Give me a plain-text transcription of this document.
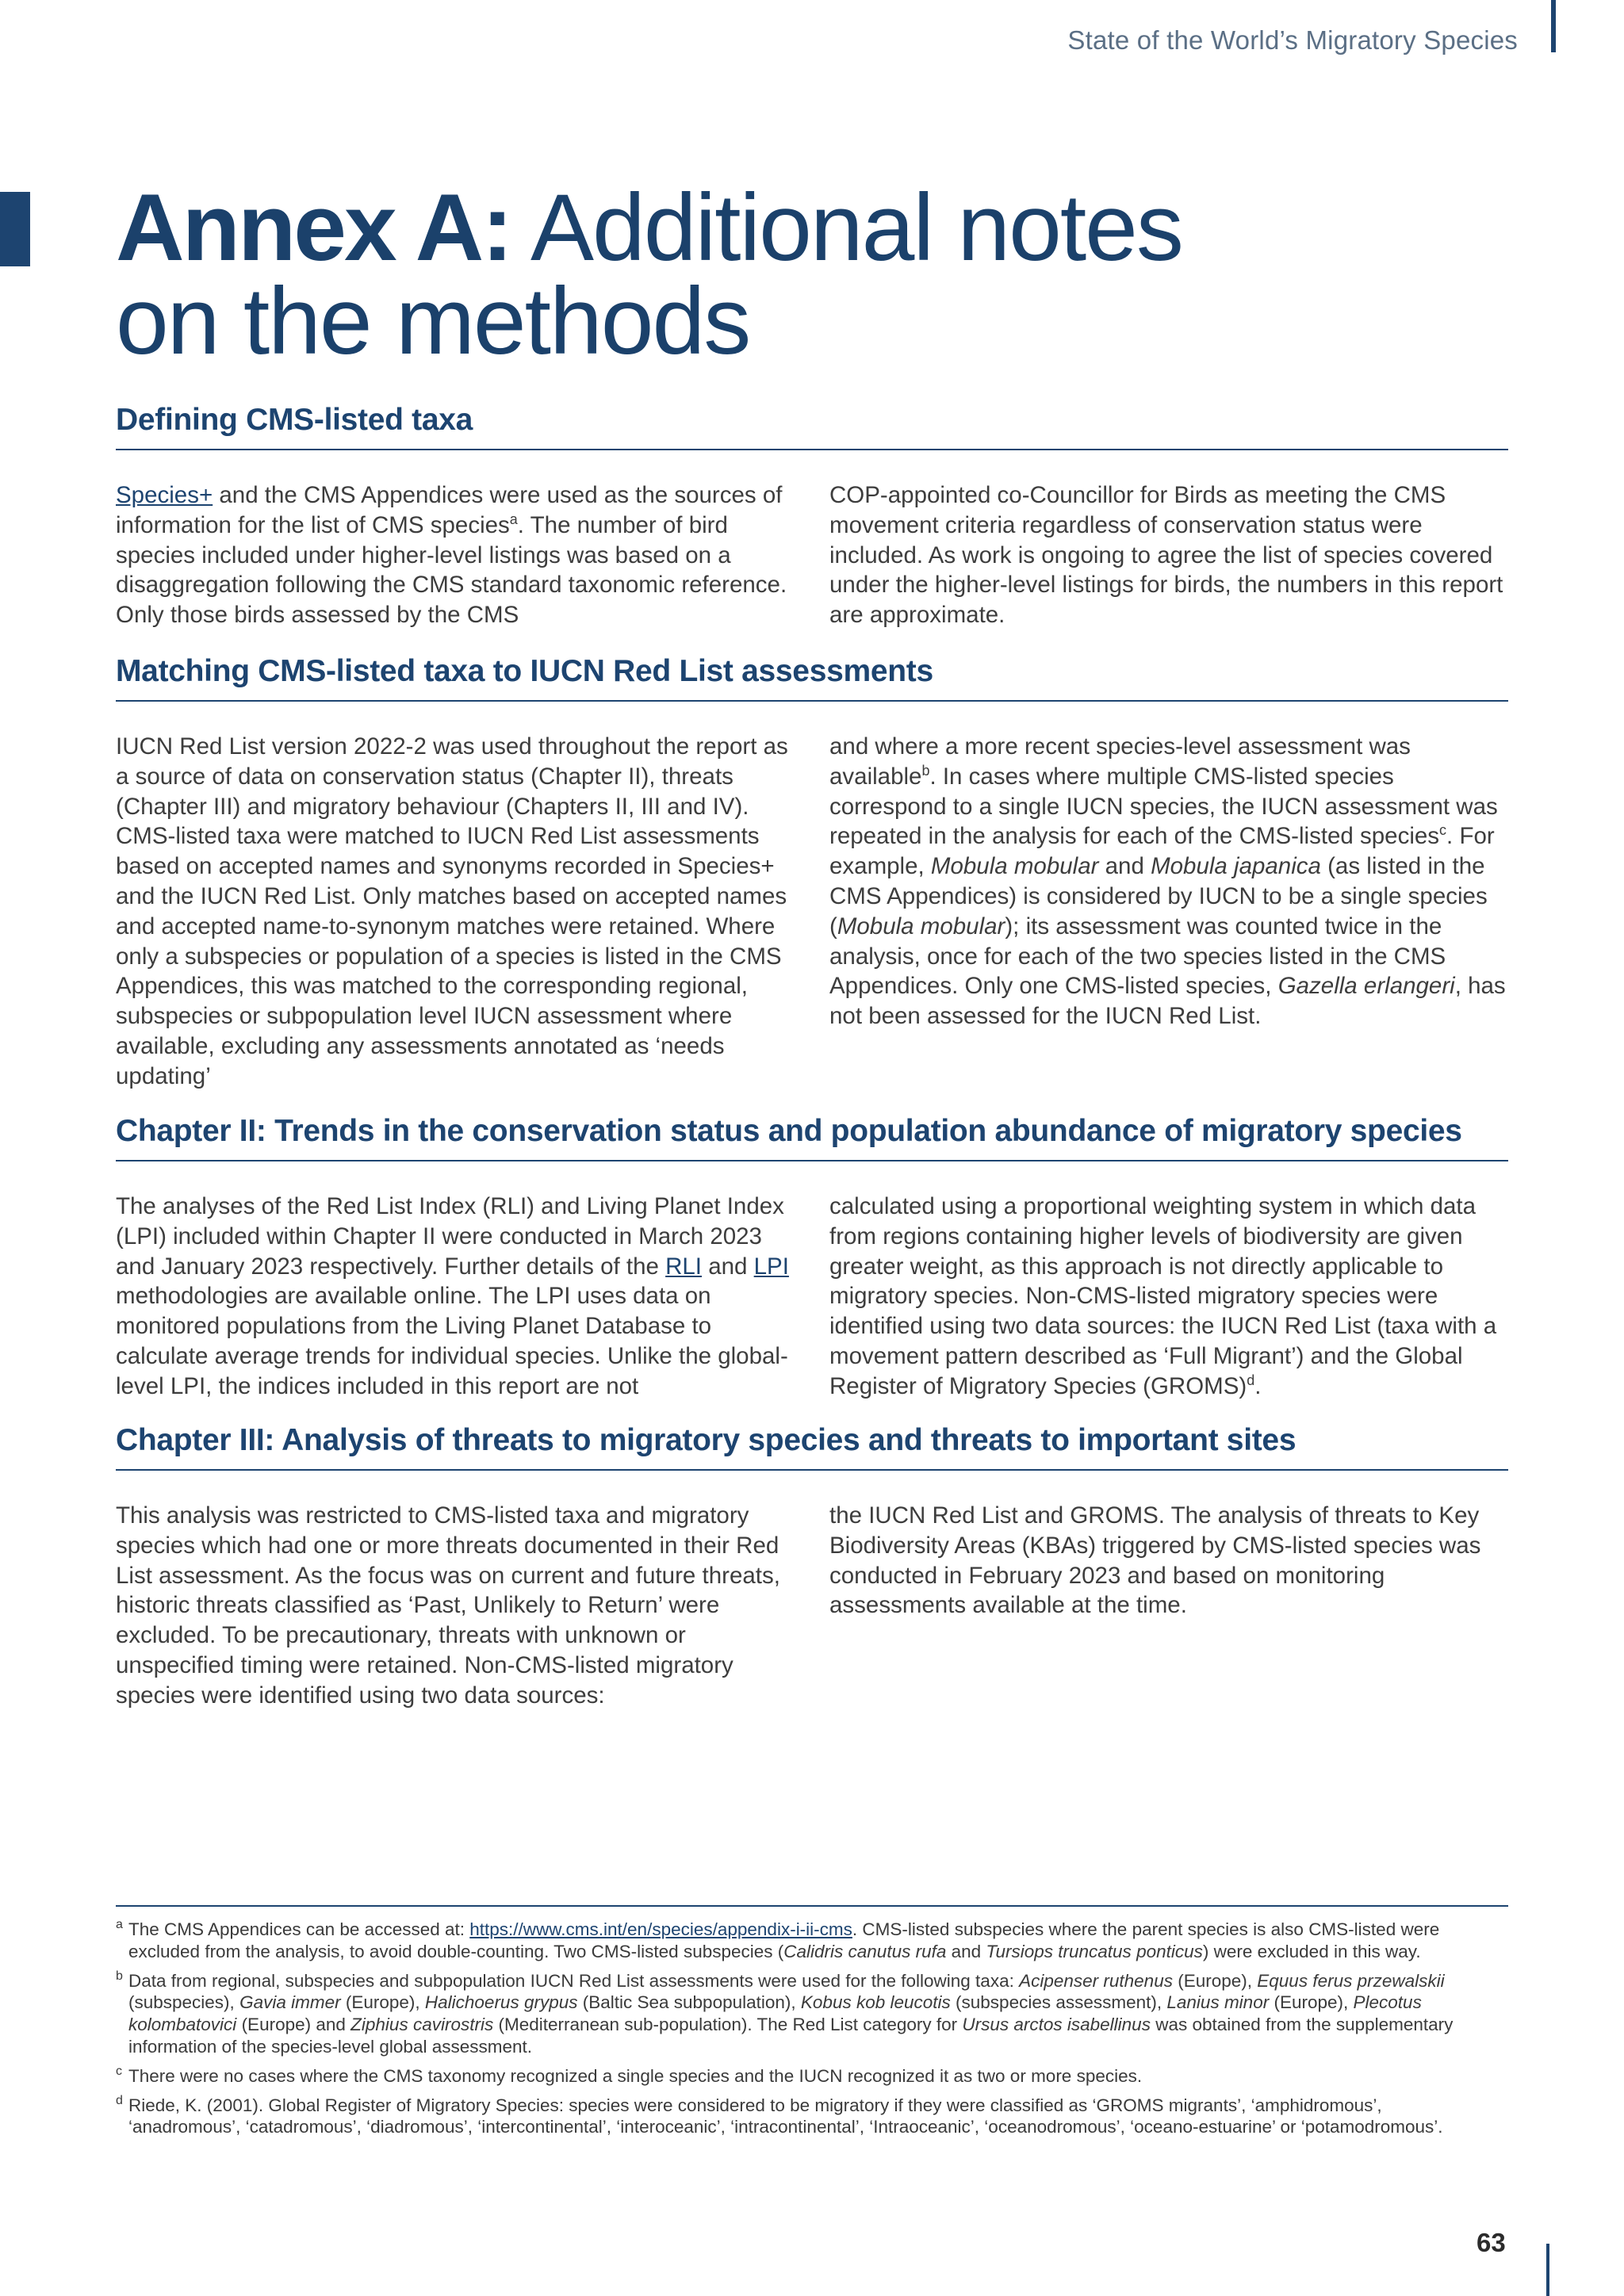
State of the World’s Migratory Species
Annex A: Additional notes
on the methods
Defining CMS-listed taxa

Species+ and the CMS Appendices were used as the sources of information for the list of CMS species$^a$. The number of bird species included under higher-level listings was based on a disaggregation following the CMS standard taxonomic reference. Only those birds assessed by the CMS

COP-appointed co-Councillor for Birds as meeting the CMS movement criteria regardless of conservation status were included. As work is ongoing to agree the list of species covered under the higher-level listings for birds, the numbers in this report are approximate.

Matching CMS-listed taxa to IUCN Red List assessments

IUCN Red List version 2022-2 was used throughout the report as a source of data on conservation status (Chapter II), threats (Chapter III) and migratory behaviour (Chapters II, III and IV). CMS-listed taxa were matched to IUCN Red List assessments based on accepted names and synonyms recorded in Species+ and the IUCN Red List. Only matches based on accepted names and accepted name-to-synonym matches were retained. Where only a subspecies or population of a species is listed in the CMS Appendices, this was matched to the corresponding regional, subspecies or subpopulation level IUCN assessment where available, excluding any assessments annotated as ‘needs updating’

and where a more recent species-level assessment was available$^b$. In cases where multiple CMS-listed species correspond to a single IUCN species, the IUCN assessment was repeated in the analysis for each of the CMS-listed species$^c$. For example, Mobula mobular and Mobula japanica (as listed in the CMS Appendices) is considered by IUCN to be a single species (Mobula mobular); its assessment was counted twice in the analysis, once for each of the two species listed in the CMS Appendices. Only one CMS-listed species, Gazella erlangeri, has not been assessed for the IUCN Red List.

Chapter II: Trends in the conservation status and population abundance of migratory species

The analyses of the Red List Index (RLI) and Living Planet Index (LPI) included within Chapter II were conducted in March 2023 and January 2023 respectively. Further details of the RLI and LPI methodologies are available online. The LPI uses data on monitored populations from the Living Planet Database to calculate average trends for individual species. Unlike the global-level LPI, the indices included in this report are not

calculated using a proportional weighting system in which data from regions containing higher levels of biodiversity are given greater weight, as this approach is not directly applicable to migratory species. Non-CMS-listed migratory species were identified using two data sources: the IUCN Red List (taxa with a movement pattern described as ‘Full Migrant’) and the Global Register of Migratory Species (GROMS)$^d$.

Chapter III: Analysis of threats to migratory species and threats to important sites

This analysis was restricted to CMS-listed taxa and migratory species which had one or more threats documented in their Red List assessment. As the focus was on current and future threats, historic threats classified as ‘Past, Unlikely to Return’ were excluded. To be precautionary, threats with unknown or unspecified timing were retained. Non-CMS-listed migratory species were identified using two data sources:

the IUCN Red List and GROMS. The analysis of threats to Key Biodiversity Areas (KBAs) triggered by CMS-listed species was conducted in February 2023 and based on monitoring assessments available at the time.

a The CMS Appendices can be accessed at: https://www.cms.int/en/species/appendix-i-ii-cms. CMS-listed subspecies where the parent species is also CMS-listed were excluded from the analysis, to avoid double-counting. Two CMS-listed subspecies (Calidris canutus rufa and Tursiops truncatus ponticus) were excluded in this way.
b Data from regional, subspecies and subpopulation IUCN Red List assessments were used for the following taxa: Acipenser ruthenus (Europe), Equus ferus przewalskii (subspecies), Gavia immer (Europe), Halichoerus grypus (Baltic Sea subpopulation), Kobus kob leucotis (subspecies assessment), Lanius minor (Europe), Plecotus kolombatovici (Europe) and Ziphius cavirostris (Mediterranean sub-population). The Red List category for Ursus arctos isabellinus was obtained from the supplementary information of the species-level global assessment.
c There were no cases where the CMS taxonomy recognized a single species and the IUCN recognized it as two or more species.
d Riede, K. (2001). Global Register of Migratory Species: species were considered to be migratory if they were classified as ‘GROMS migrants’, ‘amphidromous’, ‘anadromous’, ‘catadromous’, ‘diadromous’, ‘intercontinental’, ‘interoceanic’, ‘intracontinental’, ‘Intraoceanic’, ‘oceanodromous’, ‘oceano-estuarine’ or ‘potamodromous’.
63
